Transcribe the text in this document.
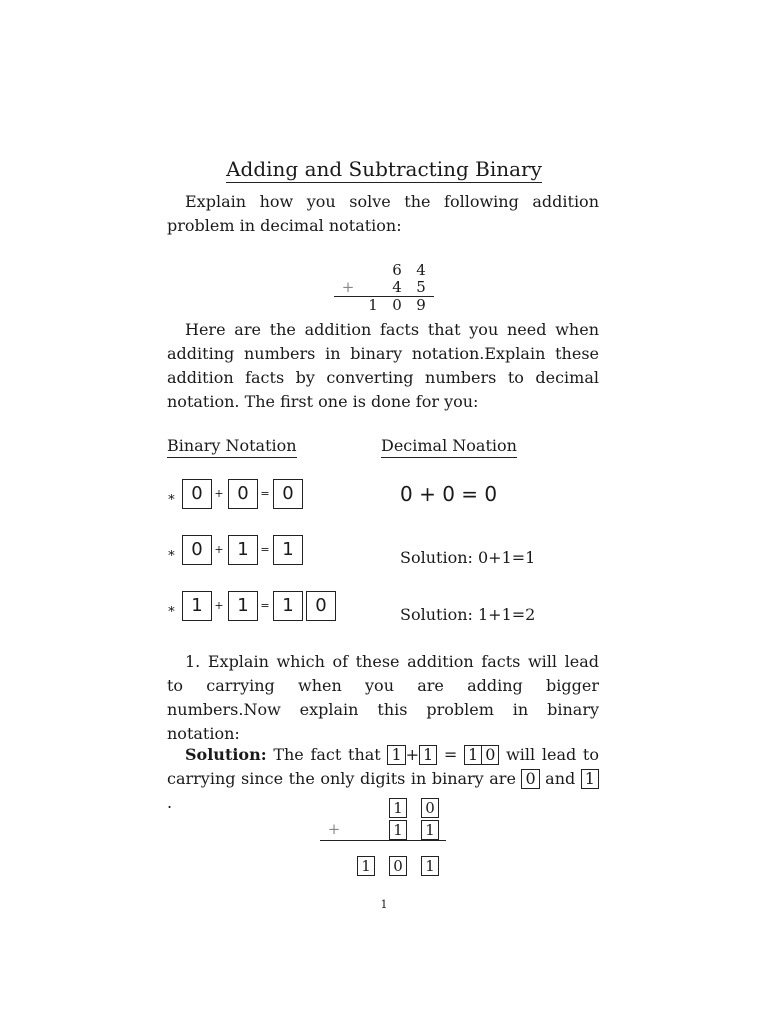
Adding and Subtracting Binary
Explain how you solve the following addition problem in decimal notation:
6 4
+	4 5
1 0 9
Here are the addition facts that you need when additing numbers in binary notation.Explain these addition facts by converting numbers to decimal notation. The first one is done for you:
Binary Notation	Decimal Noation
∗ 0	+ 0	= 0	0 + 0 = 0
∗ 0	+ 1	= 1	Solution: 0+1=1
∗ 1	+ 1	= 1	0	Solution: 1+1=2
1. Explain which of these addition facts will lead to carrying when you are adding bigger numbers.Now explain this problem in binary notation:
Solution: The fact that 1 + 1 = 1 0 will lead to carrying since the only digits in binary are 0 and 1.	1 0
+	1 1
1 0 1
1
